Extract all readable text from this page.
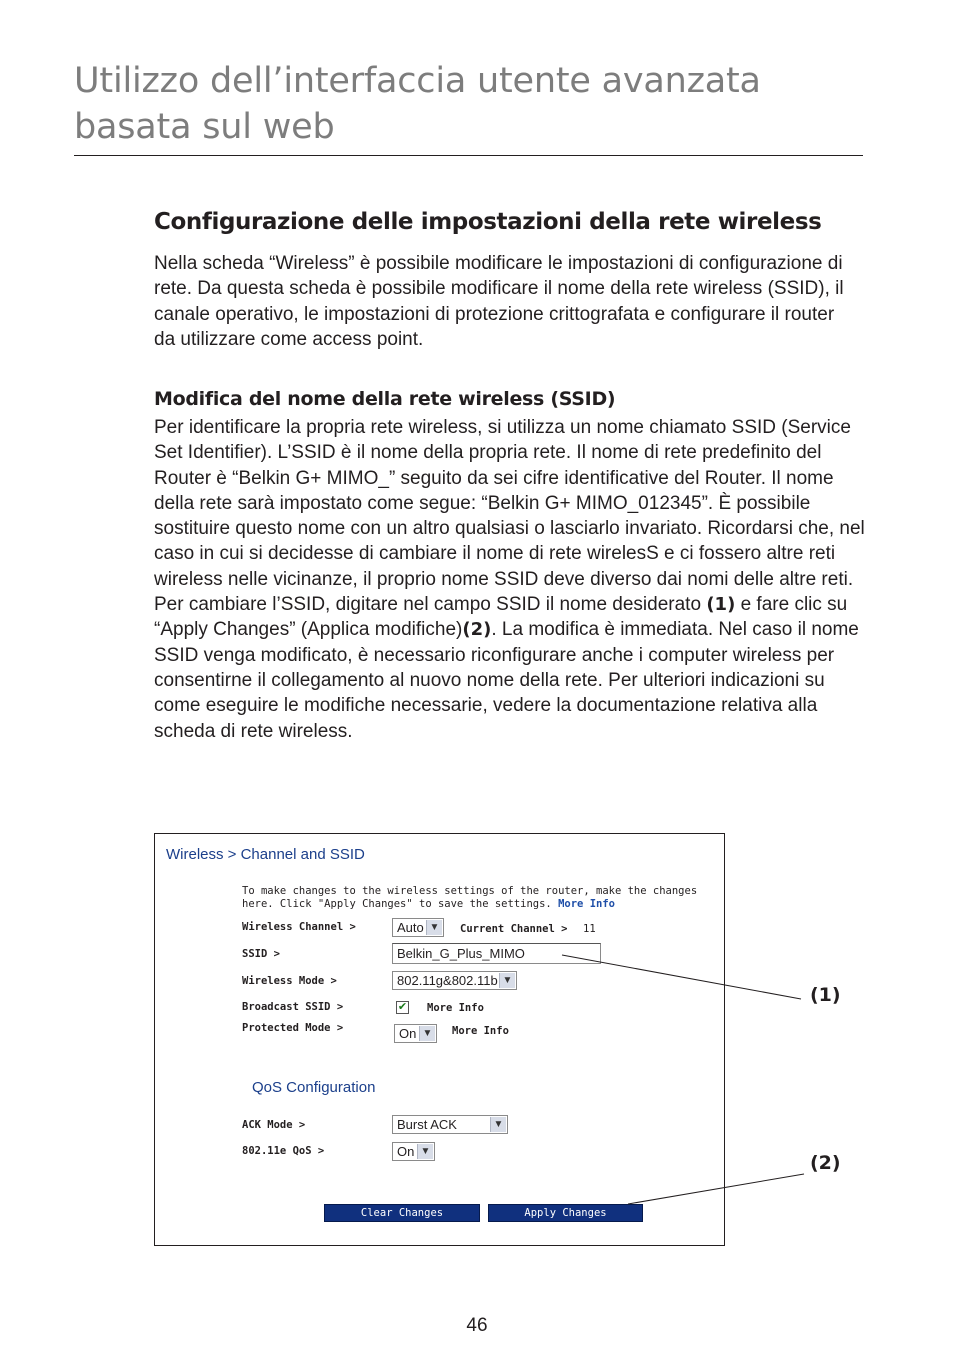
Utilizzo dell’interfaccia utente avanzata basata sul web
Configurazione delle impostazioni della rete wireless

Nella scheda “Wireless” è possibile modificare le impostazioni di configurazione di rete. Da questa scheda è possibile modificare il nome della rete wireless (SSID), il canale operativo, le impostazioni di protezione crittografata e configurare il router da utilizzare come access point.

Modifica del nome della rete wireless (SSID)

Per identificare la propria rete wireless, si utilizza un nome chiamato SSID (Service Set Identifier). L’SSID è il nome della propria rete. Il nome di rete predefinito del Router è “Belkin G+ MIMO_” seguito da sei cifre identificative del Router. Il nome della rete sarà impostato come segue: “Belkin G+ MIMO_012345”. È possibile sostituire questo nome con un altro qualsiasi o lasciarlo invariato. Ricordarsi che, nel caso in cui si decidesse di cambiare il nome di rete wirelesS e ci fossero altre reti wireless nelle vicinanze, il proprio nome SSID deve diverso dai nomi delle altre reti. Per cambiare l’SSID, digitare nel campo SSID il nome desiderato (1) e fare clic su “Apply Changes” (Applica modifiche)(2). La modifica è immediata. Nel caso il nome SSID venga modificato, è necessario riconfigurare anche i computer wireless per consentirne il collegamento al nuovo nome della rete. Per ulteriori indicazioni su come eseguire le modifiche necessarie, vedere la documentazione relativa alla scheda di rete wireless.

Wireless > Channel and SSID
To make changes to the wireless settings of the router, make the changes here. Click "Apply Changes" to save the settings. More Info
Wireless Channel >	Auto ▼ Current Channel > 11
SSID >	Belkin_G_Plus_MIMO
Wireless Mode >	802.11g&802.11b ▼
Broadcast SSID >	✔ More Info
Protected Mode >	On ▼ More Info
QoS Configuration
ACK Mode >	Burst ACK	▼
802.11e QoS >	On ▼
Clear Changes	Apply Changes
(1)
(2)
46
